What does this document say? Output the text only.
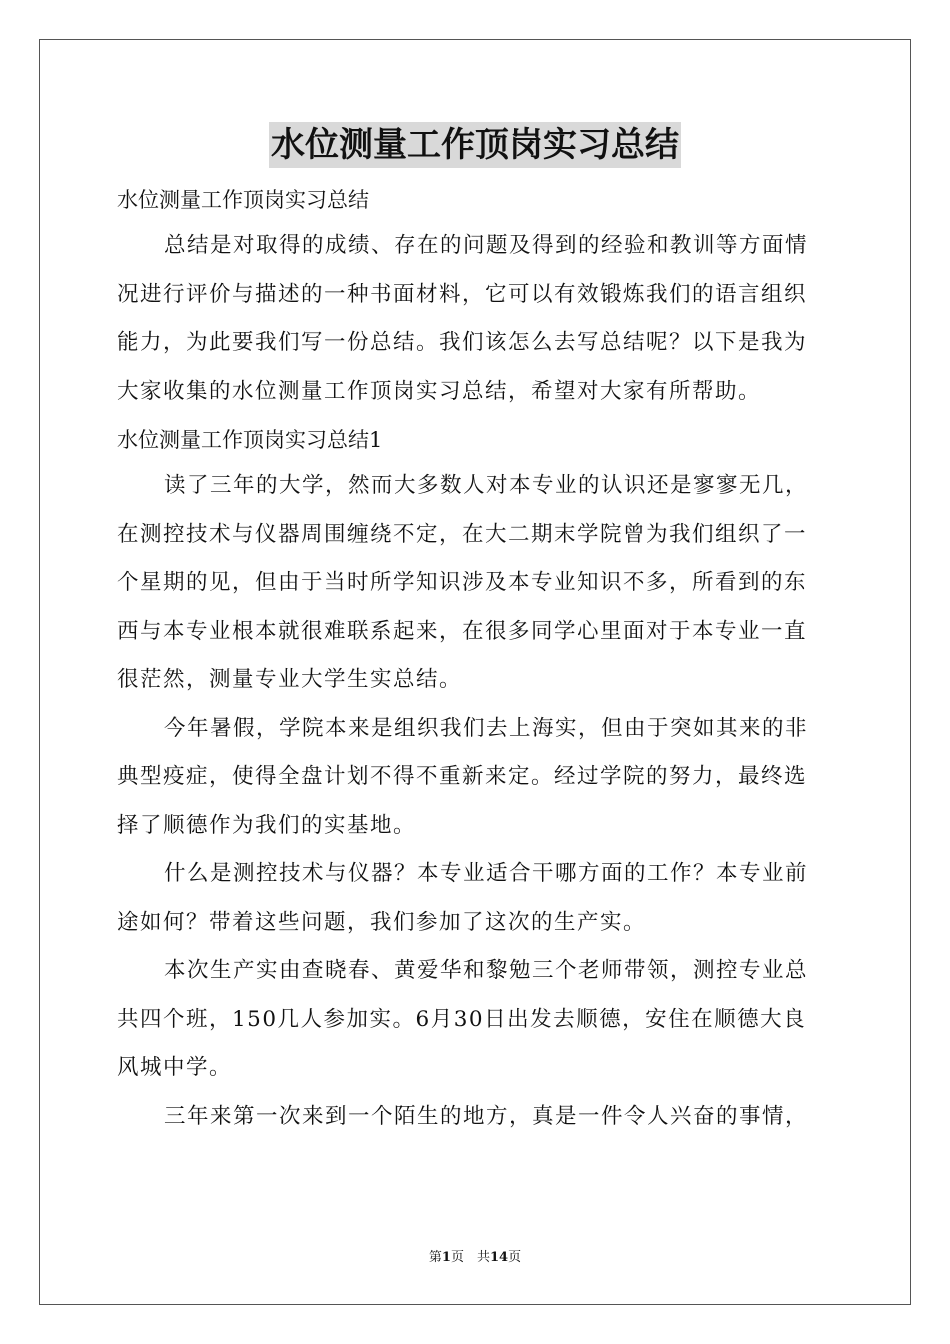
水位测量工作顶岗实习总结
水位测量工作顶岗实习总结
总结是对取得的成绩、存在的问题及得到的经验和教训等方面情
况进行评价与描述的一种书面材料，它可以有效锻炼我们的语言组织
能力，为此要我们写一份总结。我们该怎么去写总结呢？以下是我为
大家收集的水位测量工作顶岗实习总结，希望对大家有所帮助。
水位测量工作顶岗实习总结1
读了三年的大学，然而大多数人对本专业的认识还是寥寥无几，
在测控技术与仪器周围缠绕不定，在大二期末学院曾为我们组织了一
个星期的见，但由于当时所学知识涉及本专业知识不多，所看到的东
西与本专业根本就很难联系起来，在很多同学心里面对于本专业一直
很茫然，测量专业大学生实总结。
今年暑假，学院本来是组织我们去上海实，但由于突如其来的非
典型疫症，使得全盘计划不得不重新来定。经过学院的努力，最终选
择了顺德作为我们的实基地。
什么是测控技术与仪器？本专业适合干哪方面的工作？本专业前
途如何？带着这些问题，我们参加了这次的生产实。
本次生产实由查晓春、黄爱华和黎勉三个老师带领，测控专业总
共四个班，150几人参加实。6月30日出发去顺德，安住在顺德大良
风城中学。
三年来第一次来到一个陌生的地方，真是一件令人兴奋的事情，
第1页　共14页
